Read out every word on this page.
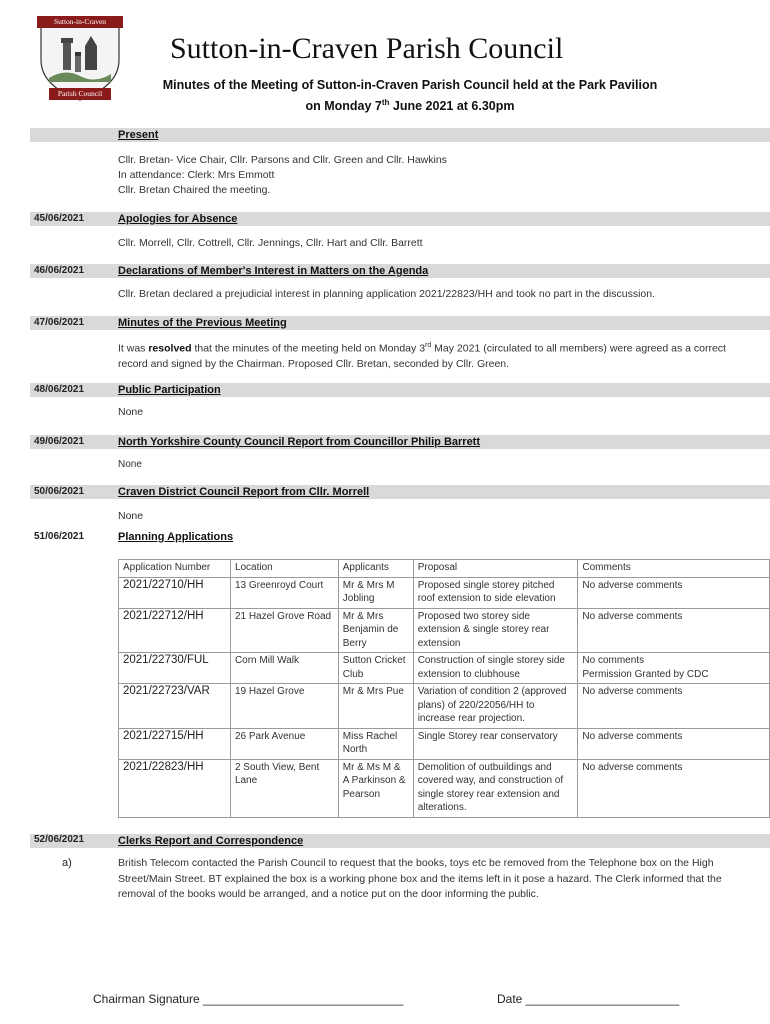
Sutton-in-Craven
Parish Council
Sutton-in-Craven Parish Council

Minutes of the Meeting of Sutton-in-Craven Parish Council held at the Park Pavilion on Monday 7th June 2021 at 6.30pm

Present

Cllr. Bretan- Vice Chair, Cllr. Parsons and Cllr. Green and Cllr. Hawkins

In attendance: Clerk: Mrs Emmott

Cllr. Bretan Chaired the meeting.

45/06/2021	Apologies for Absence

Cllr. Morrell, Cllr. Cottrell, Cllr. Jennings, Cllr. Hart and Cllr. Barrett

46/06/2021	Declarations of Member's Interest in Matters on the Agenda

Cllr. Bretan declared a prejudicial interest in planning application 2021/22823/HH and took no part in the discussion.

47/06/2021	Minutes of the Previous Meeting

It was resolved that the minutes of the meeting held on Monday 3rd May 2021 (circulated to all members) were agreed as a correct record and signed by the Chairman. Proposed Cllr. Bretan, seconded by Cllr. Green.

48/06/2021	Public Participation

None

49/06/2021	North Yorkshire County Council Report from Councillor Philip Barrett

None

50/06/2021	Craven District Council Report from Cllr. Morrell

None

51/06/2021	Planning Applications
Application Number	Location	Applicants	Proposal	Comments
2021/22710/HH	13 Greenroyd Court	Mr & Mrs M Jobling	Proposed single storey pitched roof extension to side elevation	No adverse comments
2021/22712/HH	21 Hazel Grove Road	Mr & Mrs Benjamin de Berry	Proposed two storey side extension & single storey rear extension	No adverse comments
2021/22730/FUL	Corn Mill Walk	Sutton Cricket Club	Construction of single storey side extension to clubhouse	No comments
Permission Granted by CDC
2021/22723/VAR	19 Hazel Grove	Mr & Mrs Pue	Variation of condition 2 (approved plans) of 220/22056/HH to increase rear projection.	No adverse comments
2021/22715/HH	26 Park Avenue	Miss Rachel North	Single Storey rear conservatory	No adverse comments
2021/22823/HH	2 South View, Bent Lane	Mr & Ms M & A Parkinson & Pearson	Demolition of outbuildings and covered way, and construction of single storey rear extension and alterations.	No adverse comments
52/06/2021	Clerks Report and Correspondence
a)	British Telecom contacted the Parish Council to request that the books, toys etc be removed from the Telephone box on the High Street/Main Street. BT explained the box is a working phone box and the items left in it pose a hazard. The Clerk informed that the removal of the books would be arranged, and a notice put on the door informing the public.

Chairman Signature ______________________________	Date _______________________
